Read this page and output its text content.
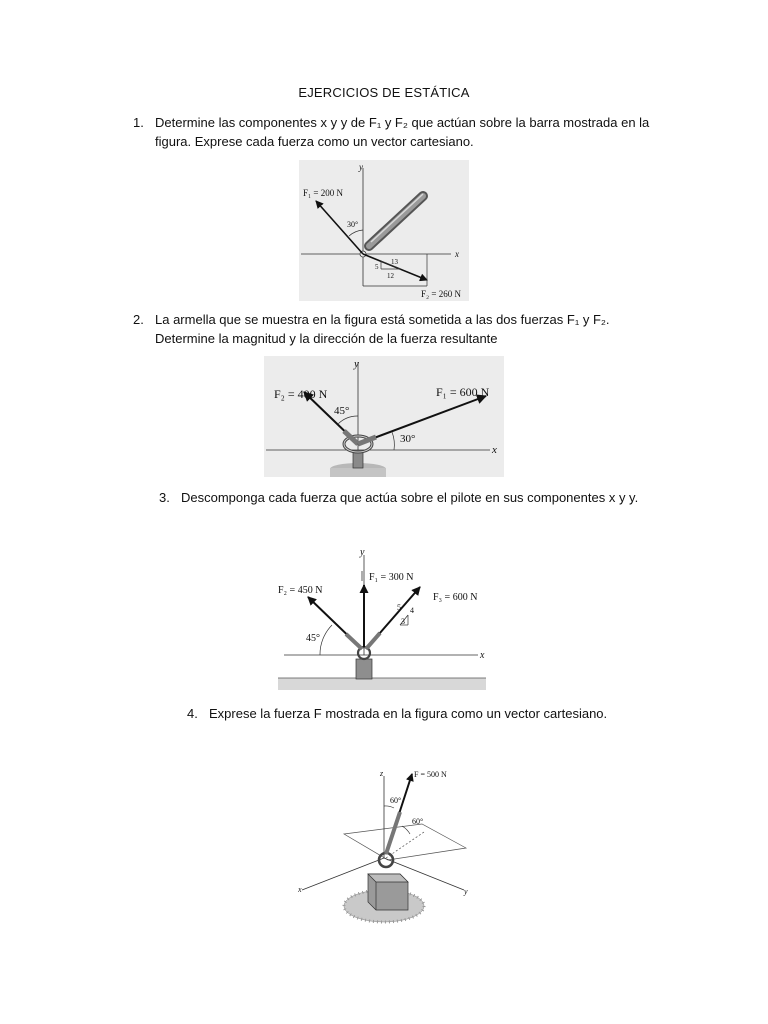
EJERCICIOS DE ESTÁTICA
1. Determine las componentes x y y de F₁ y F₂ que actúan sobre la barra mostrada en la
figura. Exprese cada fuerza como un vector cartesiano.
y
x
F₁ = 200 N
30°
13
5
12
F₂ = 260 N
2. La armella que se muestra en la figura está sometida a las dos fuerzas F₁ y F₂.
Determine la magnitud y la dirección de la fuerza resultante
y
x
F₂ = 400 N
45°
F₁ = 600 N
30°
3. Descomponga cada fuerza que actúa sobre el pilote en sus componentes x y y.
y
x
F₁ = 300 N
F₂ = 450 N
45°
F₃ = 600 N
5 4
3
4. Exprese la fuerza F mostrada en la figura como un vector cartesiano.
z
x	y
F = 500 N
60°
60°
